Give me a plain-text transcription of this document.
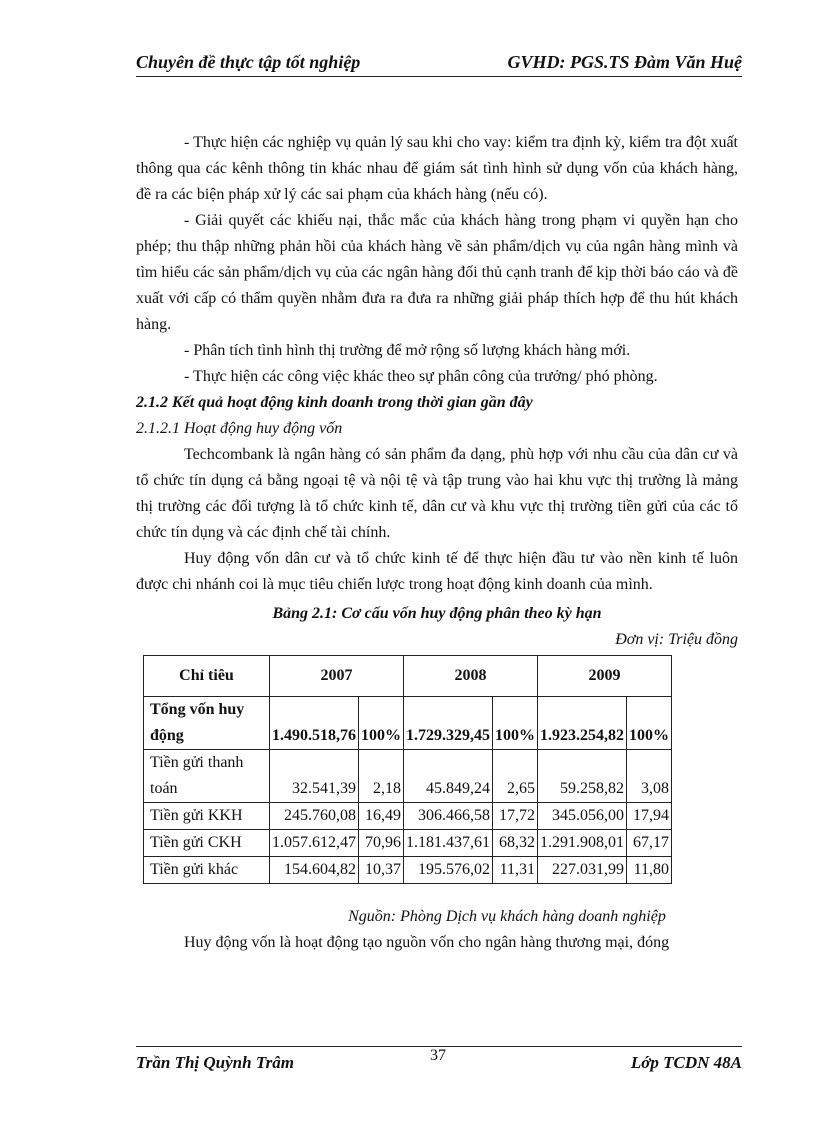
Chuyên đề thực tập tốt nghiệp	GVHD: PGS.TS Đàm Văn Huệ

- Thực hiện các nghiệp vụ quản lý sau khi cho vay: kiểm tra định kỳ, kiểm tra đột xuất thông qua các kênh thông tin khác nhau để giám sát tình hình sử dụng vốn của khách hàng, đề ra các biện pháp xử lý các sai phạm của khách hàng (nếu có).

- Giải quyết các khiếu nại, thắc mắc của khách hàng trong phạm vi quyền hạn cho phép; thu thập những phản hồi của khách hàng về sản phẩm/dịch vụ của ngân hàng mình và tìm hiểu các sản phẩm/dịch vụ của các ngân hàng đối thủ cạnh tranh để kịp thời báo cáo và đề xuất với cấp có thẩm quyền nhằm đưa ra đưa ra những giải pháp thích hợp để thu hút khách hàng.

- Phân tích tình hình thị trường để mở rộng số lượng khách hàng mới.

- Thực hiện các công việc khác theo sự phân công của trưởng/ phó phòng.

2.1.2 Kết quả hoạt động kinh doanh trong thời gian gần đây

2.1.2.1 Hoạt động huy động vốn

Techcombank là ngân hàng có sản phẩm đa dạng, phù hợp với nhu cầu của dân cư và tổ chức tín dụng cả bằng ngoại tệ và nội tệ và tập trung vào hai khu vực thị trường là mảng thị trường các đối tượng là tổ chức kinh tế, dân cư và khu vực thị trường tiền gửi của các tổ chức tín dụng và các định chế tài chính.

Huy động vốn dân cư và tổ chức kinh tế để thực hiện đầu tư vào nền kinh tế luôn được chi nhánh coi là mục tiêu chiến lược trong hoạt động kinh doanh của mình.

Bảng 2.1: Cơ cấu vốn huy động phân theo kỳ hạn

Đơn vị: Triệu đồng

Chỉ tiêu	2007		2008		2009	
Tổng vốn huy động	1.490.518,76	100%	1.729.329,45	100%	1.923.254,82	100%
Tiền gửi thanh toán	32.541,39	2,18	45.849,24	2,65	59.258,82	3,08
Tiền gửi KKH	245.760,08	16,49	306.466,58	17,72	345.056,00	17,94
Tiền gửi CKH	1.057.612,47	70,96	1.181.437,61	68,32	1.291.908,01	67,17
Tiền gửi khác	154.604,82	10,37	195.576,02	11,31	227.031,99	11,80

Nguồn: Phòng Dịch vụ khách hàng doanh nghiệp

Huy động vốn là hoạt động tạo nguồn vốn cho ngân hàng thương mại, đóng

Trần Thị Quỳnh Trâm	37	Lớp TCDN 48A
